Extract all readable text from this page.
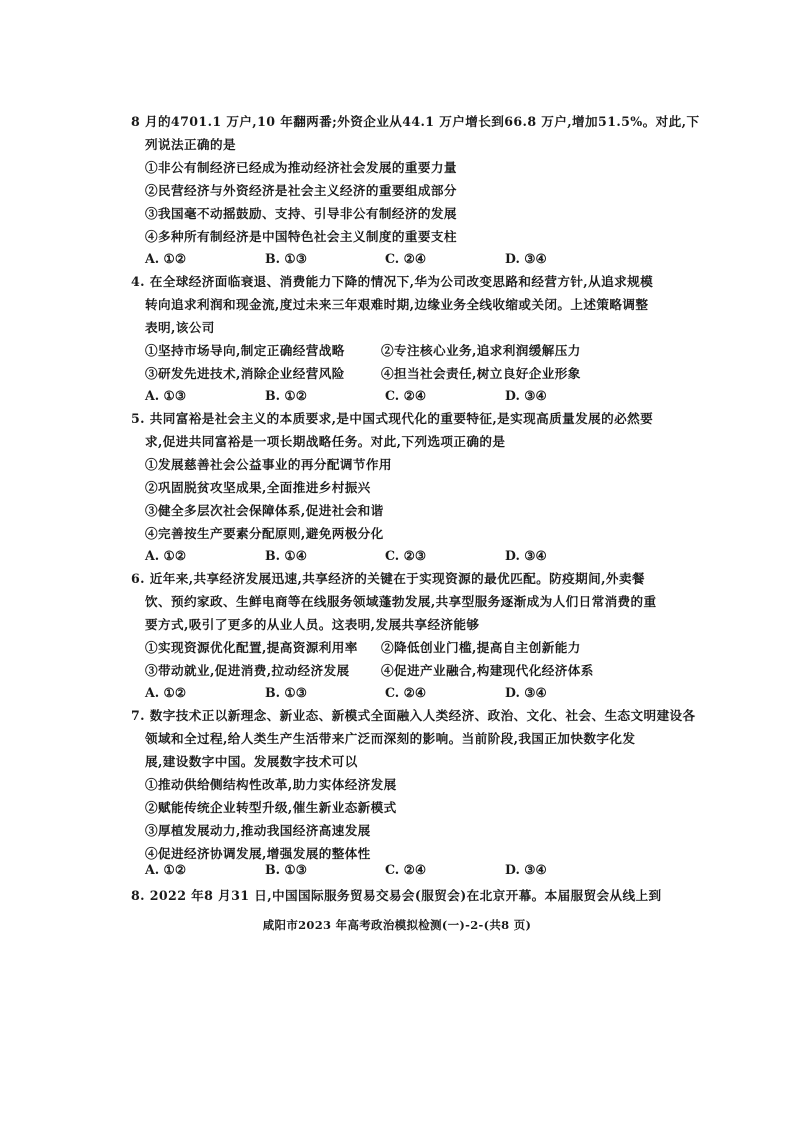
8 月的4701.1 万户,10 年翻两番;外资企业从44.1 万户增长到66.8 万户,增加51.5%。对此,下
列说法正确的是
①非公有制经济已经成为推动经济社会发展的重要力量
②民营经济与外资经济是社会主义经济的重要组成部分
③我国毫不动摇鼓励、支持、引导非公有制经济的发展
④多种所有制经济是中国特色社会主义制度的重要支柱
A. ①②	B. ①③	C. ②④	D. ③④
4. 在全球经济面临衰退、消费能力下降的情况下,华为公司改变思路和经营方针,从追求规模
转向追求利润和现金流,度过未来三年艰难时期,边缘业务全线收缩或关闭。上述策略调整
表明,该公司
①坚持市场导向,制定正确经营战略	②专注核心业务,追求利润缓解压力
③研发先进技术,消除企业经营风险	④担当社会责任,树立良好企业形象
A. ①③	B. ①②	C. ②④	D. ③④
5. 共同富裕是社会主义的本质要求,是中国式现代化的重要特征,是实现高质量发展的必然要
求,促进共同富裕是一项长期战略任务。对此,下列选项正确的是
①发展慈善社会公益事业的再分配调节作用
②巩固脱贫攻坚成果,全面推进乡村振兴
③健全多层次社会保障体系,促进社会和谐
④完善按生产要素分配原则,避免两极分化
A. ①②	B. ①④	C. ②③	D. ③④
6. 近年来,共享经济发展迅速,共享经济的关键在于实现资源的最优匹配。防疫期间,外卖餐
饮、预约家政、生鲜电商等在线服务领域蓬勃发展,共享型服务逐渐成为人们日常消费的重
要方式,吸引了更多的从业人员。这表明,发展共享经济能够
①实现资源优化配置,提高资源利用率 ②降低创业门槛,提高自主创新能力
③带动就业,促进消费,拉动经济发展	④促进产业融合,构建现代化经济体系
A. ①②	B. ①③	C. ②④	D. ③④
7. 数字技术正以新理念、新业态、新模式全面融入人类经济、政治、文化、社会、生态文明建设各
领域和全过程,给人类生产生活带来广泛而深刻的影响。当前阶段,我国正加快数字化发
展,建设数字中国。发展数字技术可以
①推动供给侧结构性改革,助力实体经济发展
②赋能传统企业转型升级,催生新业态新模式
③厚植发展动力,推动我国经济高速发展
④促进经济协调发展,增强发展的整体性
A. ①②	B. ①③	C. ②④	D. ③④
8. 2022 年8 月31 日,中国国际服务贸易交易会(服贸会)在北京开幕。本届服贸会从线上到
咸阳市2023 年高考政治模拟检测(一)-2-(共8 页)
